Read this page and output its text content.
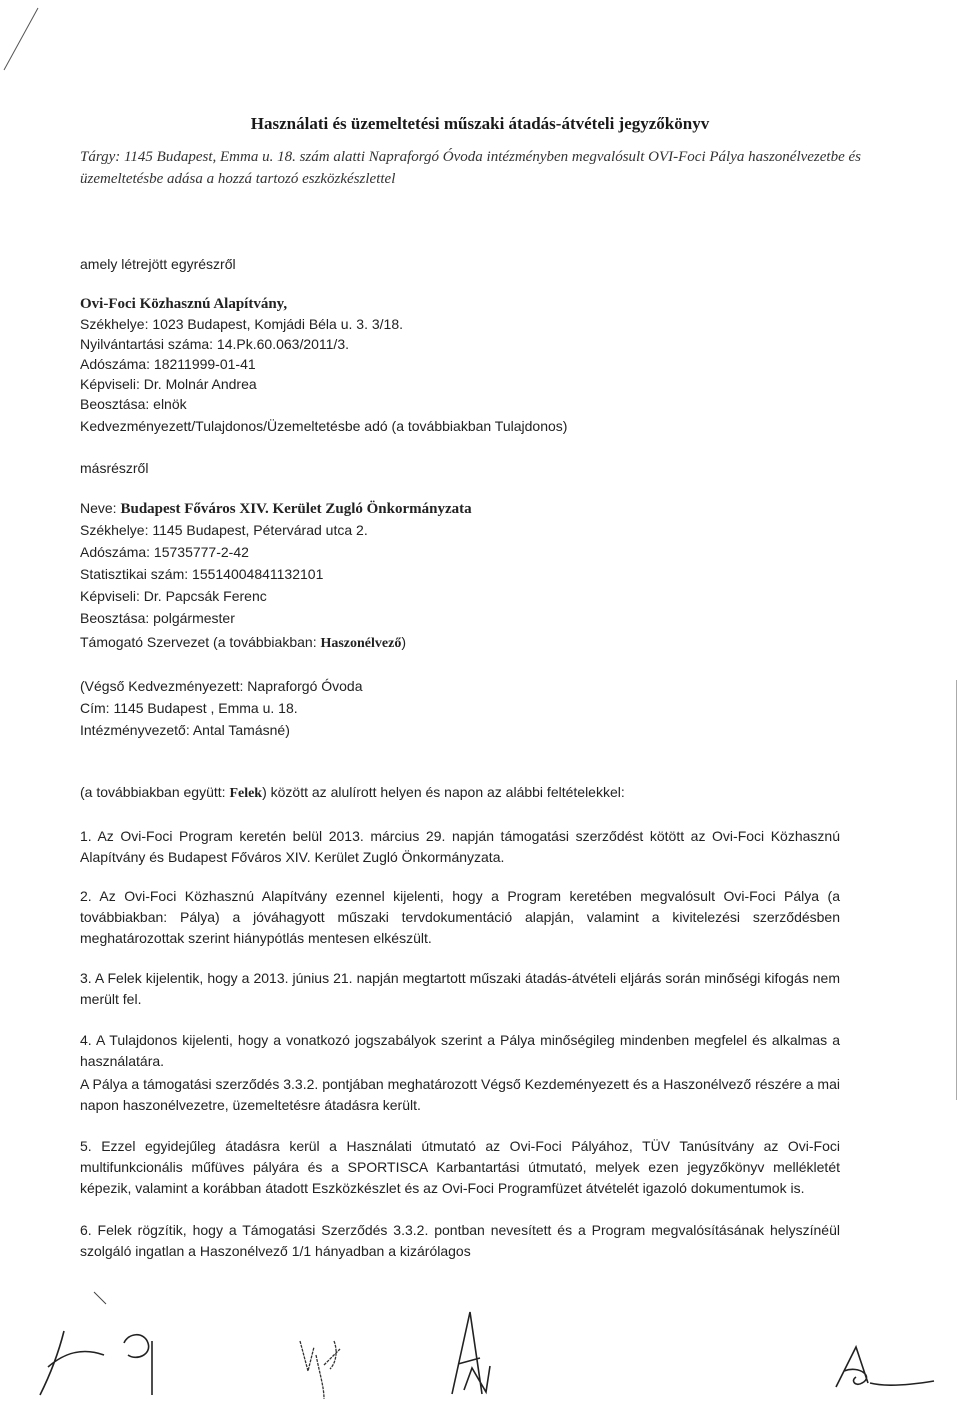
Használati és üzemeltetési műszaki átadás-átvételi jegyzőkönyv
Tárgy: 1145 Budapest, Emma u. 18. szám alatti Napraforgó Óvoda intézményben megvalósult OVI-Foci Pálya haszonélvezetbe és üzemeltetésbe adása a hozzá tartozó eszközkészlettel
amely létrejött egyrészről
Ovi-Foci Közhasznú Alapítvány,
Székhelye: 1023 Budapest, Komjádi Béla u. 3. 3/18.
Nyilvántartási száma: 14.Pk.60.063/2011/3.
Adószáma: 18211999-01-41
Képviseli: Dr. Molnár Andrea
Beosztása: elnök
Kedvezményezett/Tulajdonos/Üzemeltetésbe adó (a továbbiakban Tulajdonos)
másrészről
Neve: Budapest Főváros XIV. Kerület Zugló Önkormányzata
Székhelye: 1145 Budapest, Pétervárad utca 2.
Adószáma: 15735777-2-42
Statisztikai szám: 15514004841132101
Képviseli: Dr. Papcsák Ferenc
Beosztása: polgármester
Támogató Szervezet (a továbbiakban: Haszonélvező)
(Végső Kedvezményezett: Napraforgó Óvoda
Cím: 1145 Budapest , Emma u. 18.
Intézményvezető: Antal Tamásné)
(a továbbiakban együtt: Felek) között az alulírott helyen és napon az alábbi feltételekkel:
1. Az Ovi-Foci Program keretén belül 2013. március 29. napján támogatási szerződést kötött az Ovi-Foci Közhasznú Alapítvány és Budapest Főváros XIV. Kerület Zugló Önkormányzata.
2. Az Ovi-Foci Közhasznú Alapítvány ezennel kijelenti, hogy a Program keretében megvalósult Ovi-Foci Pálya (a továbbiakban: Pálya) a jóváhagyott műszaki tervdokumentáció alapján, valamint a kivitelezési szerződésben meghatározottak szerint hiánypótlás mentesen elkészült.
3. A Felek kijelentik, hogy a 2013. június 21. napján megtartott műszaki átadás-átvételi eljárás során minőségi kifogás nem merült fel.
4. A Tulajdonos kijelenti, hogy a vonatkozó jogszabályok szerint a Pálya minőségileg mindenben megfelel és alkalmas a használatára.
A Pálya a támogatási szerződés 3.3.2. pontjában meghatározott Végső Kezdeményezett és a Haszonélvező részére a mai napon haszonélvezetre, üzemeltetésre átadásra került.
5. Ezzel egyidejűleg átadásra kerül a Használati útmutató az Ovi-Foci Pályához, TÜV Tanúsítvány az Ovi-Foci multifunkcionális műfüves pályára és a SPORTISCA Karbantartási útmutató, melyek ezen jegyzőkönyv mellékletét képezik, valamint a korábban átadott Eszközkészlet és az Ovi-Foci Programfüzet átvételét igazoló dokumentumok is.
6. Felek rögzítik, hogy a Támogatási Szerződés 3.3.2. pontban nevesített és a Program megvalósításának helyszínéül szolgáló ingatlan a Haszonélvező 1/1 hányadban a kizárólagos
